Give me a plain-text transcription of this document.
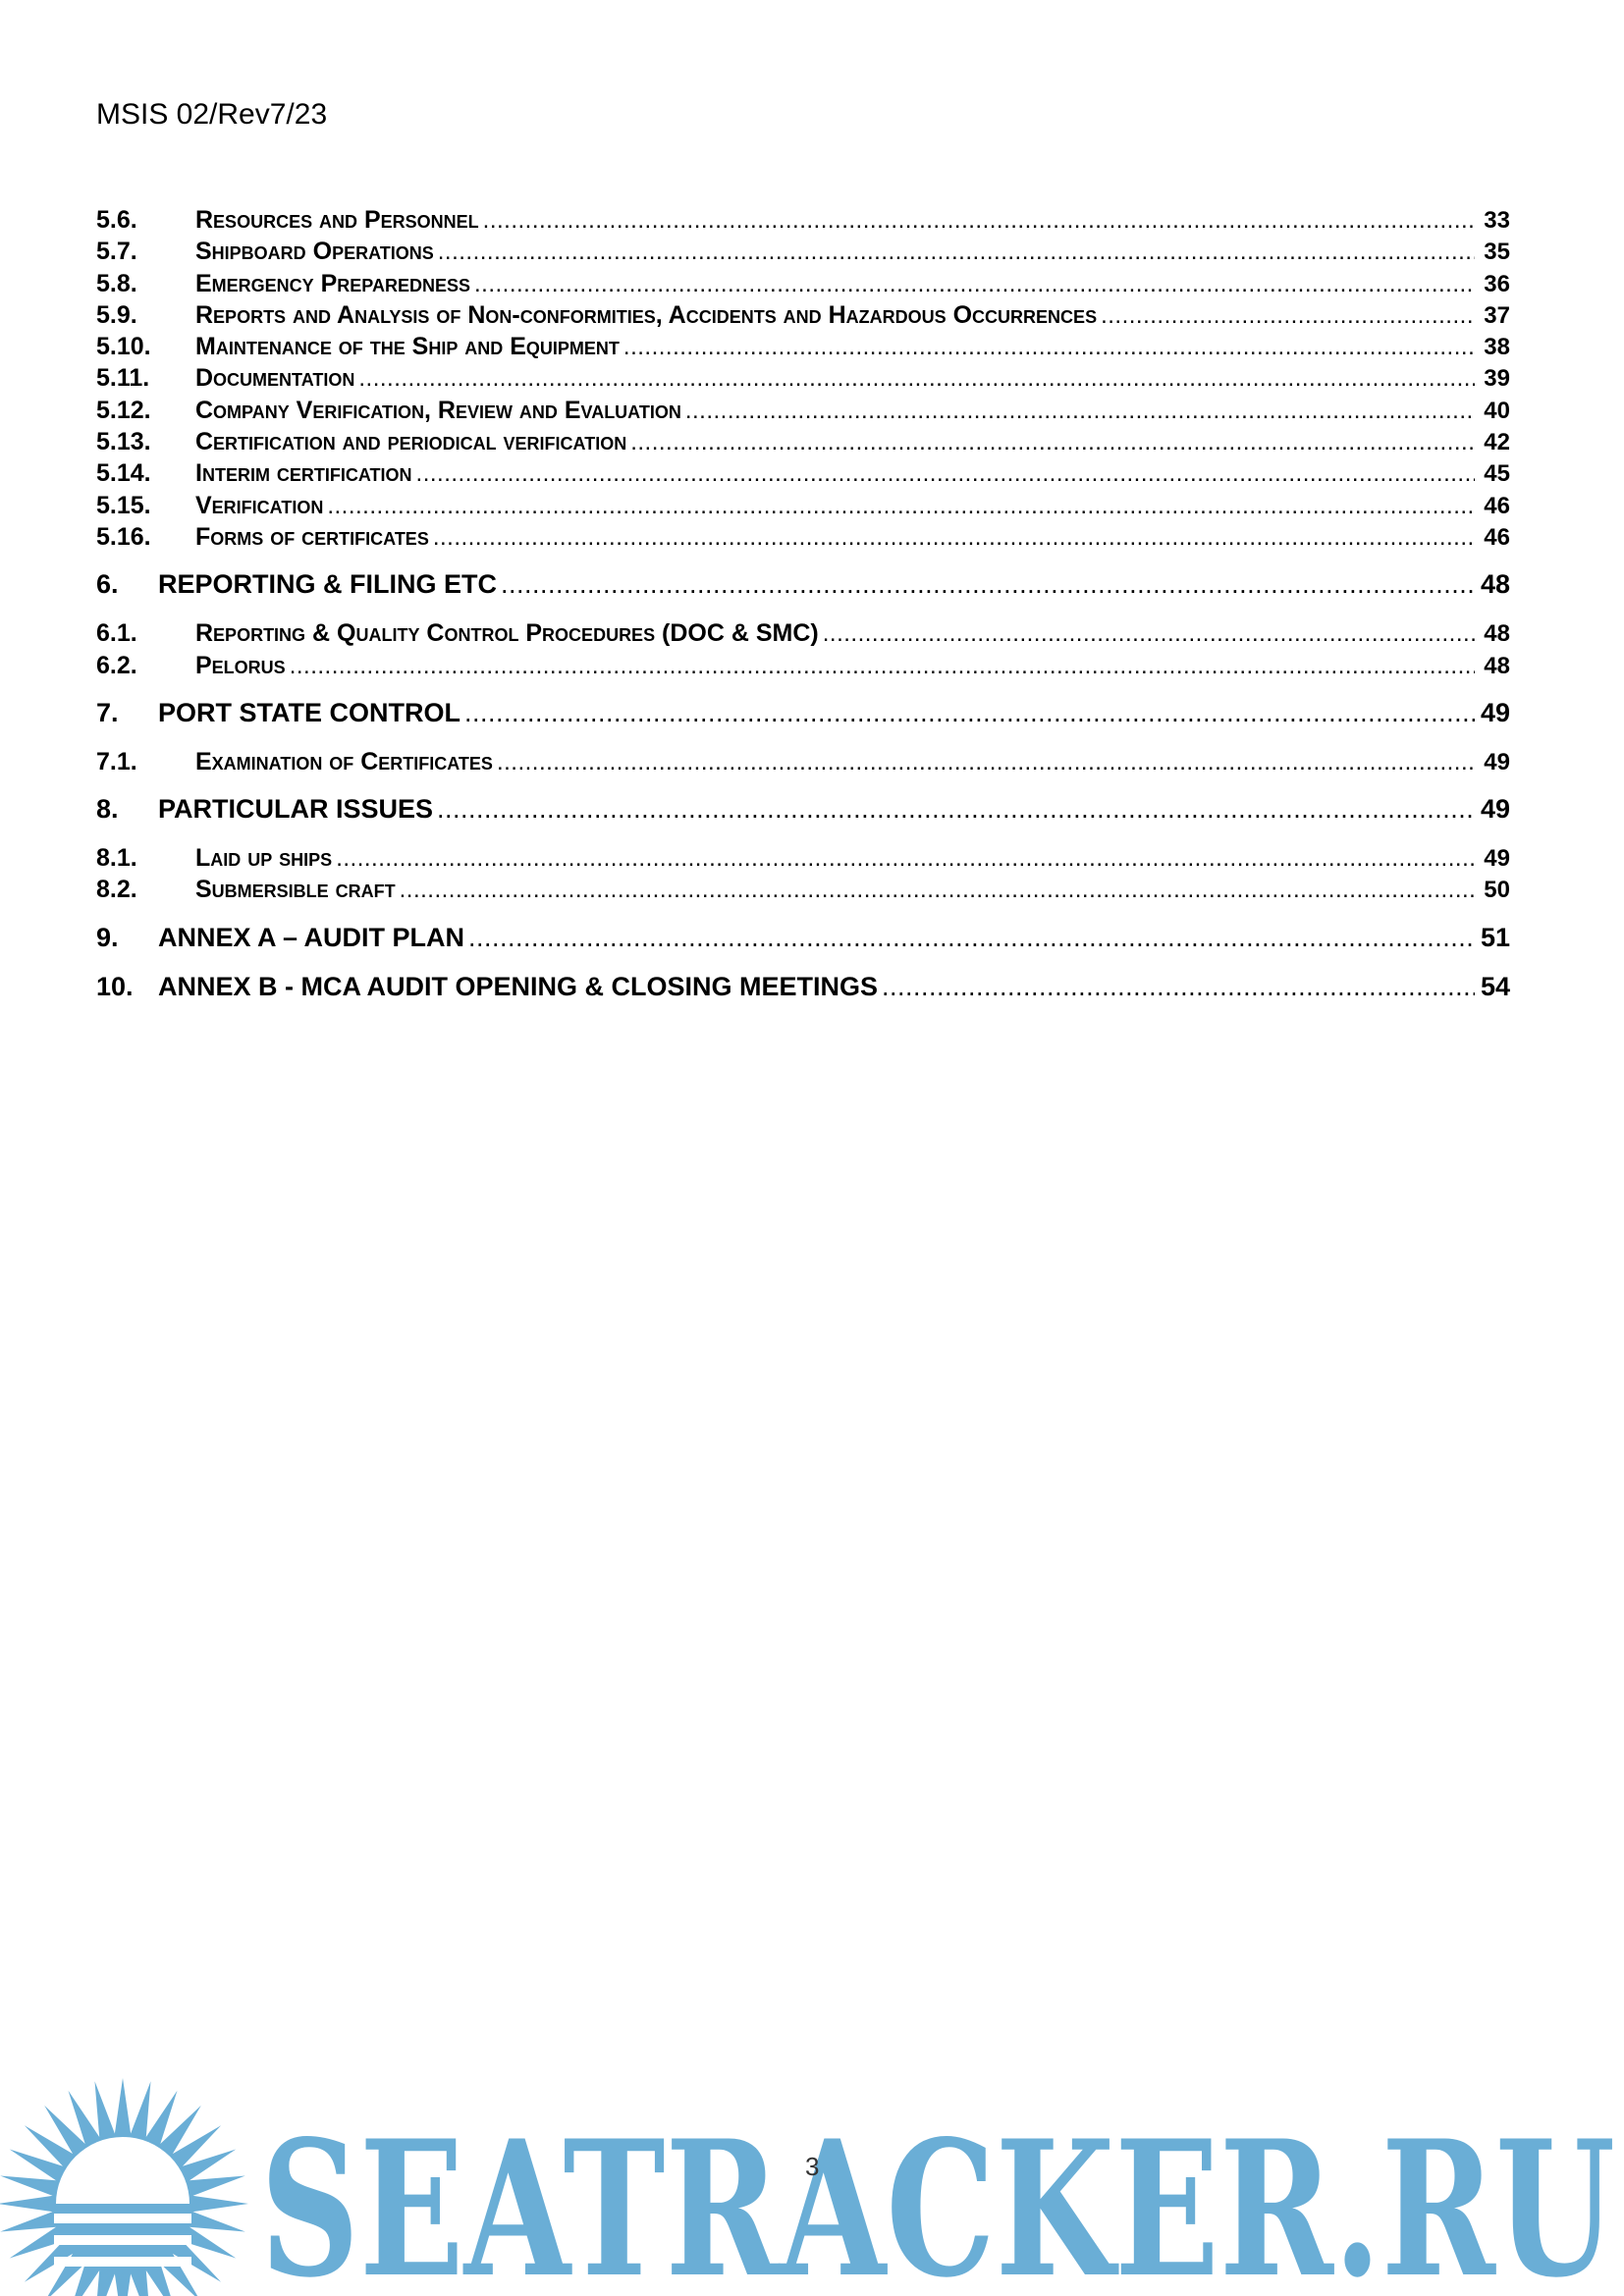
MSIS 02/Rev7/23
5.6.	Resources and Personnel .....	33
5.7.	Shipboard Operations .....	35
5.8.	Emergency Preparedness .....	36
5.9.	Reports and Analysis of Non-conformities, Accidents and Hazardous Occurrences .....	37
5.10.	Maintenance of the Ship and Equipment .....	38
5.11.	Documentation .....	39
5.12.	Company Verification, Review and Evaluation .....	40
5.13.	Certification and periodical verification .....	42
5.14.	Interim certification .....	45
5.15.	Verification .....	46
5.16.	Forms of certificates .....	46
6.	REPORTING & FILING ETC .....	48
6.1.	Reporting & Quality Control Procedures (DOC & SMC) .....	48
6.2.	Pelorus .....	48
7.	PORT STATE CONTROL .....	49
7.1.	Examination of Certificates .....	49
8.	PARTICULAR ISSUES .....	49
8.1.	Laid up ships .....	49
8.2.	Submersible craft .....	50
9.	ANNEX A – AUDIT PLAN .....	51
10. ANNEX B - MCA AUDIT OPENING & CLOSING MEETINGS .....	54
SEATRACKER.RU
3
